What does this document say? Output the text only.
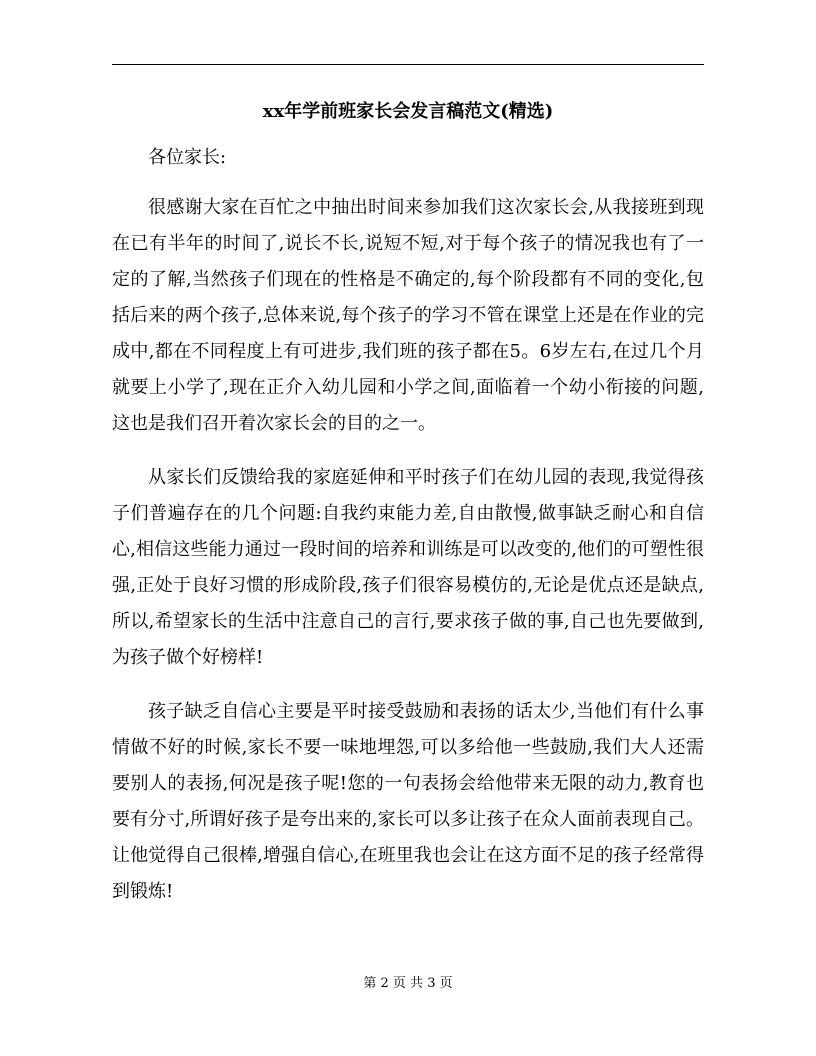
xx年学前班家长会发言稿范文(精选)

各位家长:

很感谢大家在百忙之中抽出时间来参加我们这次家长会,从我接班到现在已有半年的时间了,说长不长,说短不短,对于每个孩子的情况我也有了一定的了解,当然孩子们现在的性格是不确定的,每个阶段都有不同的变化,包括后来的两个孩子,总体来说,每个孩子的学习不管在课堂上还是在作业的完成中,都在不同程度上有可进步,我们班的孩子都在5。6岁左右,在过几个月就要上小学了,现在正介入幼儿园和小学之间,面临着一个幼小衔接的问题,这也是我们召开着次家长会的目的之一。

从家长们反馈给我的家庭延伸和平时孩子们在幼儿园的表现,我觉得孩子们普遍存在的几个问题:自我约束能力差,自由散慢,做事缺乏耐心和自信心,相信这些能力通过一段时间的培养和训练是可以改变的,他们的可塑性很强,正处于良好习惯的形成阶段,孩子们很容易模仿的,无论是优点还是缺点,所以,希望家长的生活中注意自己的言行,要求孩子做的事,自己也先要做到,为孩子做个好榜样!

孩子缺乏自信心主要是平时接受鼓励和表扬的话太少,当他们有什么事情做不好的时候,家长不要一味地埋怨,可以多给他一些鼓励,我们大人还需要别人的表扬,何况是孩子呢!您的一句表扬会给他带来无限的动力,教育也要有分寸,所谓好孩子是夸出来的,家长可以多让孩子在众人面前表现自己。让他觉得自己很棒,增强自信心,在班里我也会让在这方面不足的孩子经常得到锻炼!

第 2 页 共 3 页
